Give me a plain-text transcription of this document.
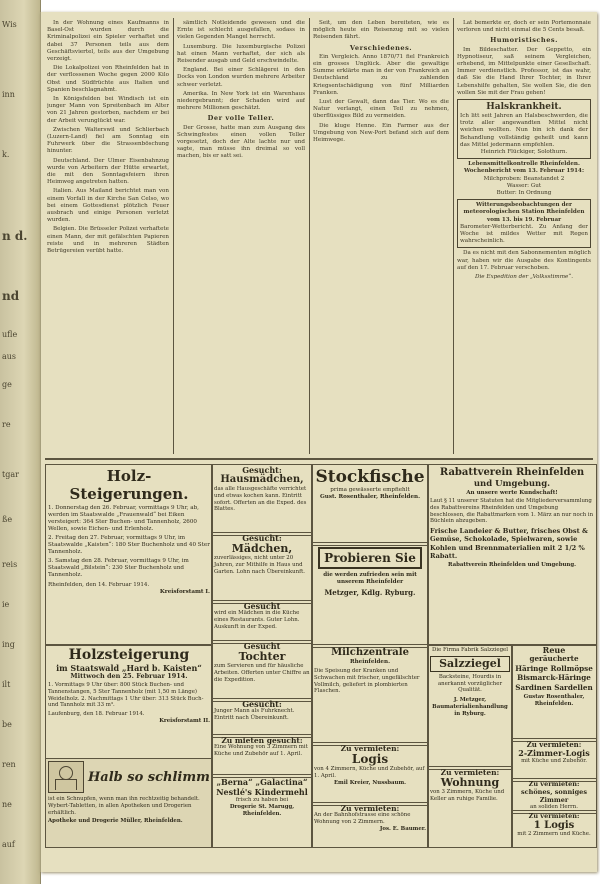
Wis
inn
k.
n d.
nd
ufle
aus
ge
re
tgar
ße
reis
ie
ing
ilt
be
ren
ne
auf

In der Wohnung eines Kaufmanns in Basel-Ost wurden durch die Kriminalpolizei ein Spieler verhaftet und dabei 37 Personen teils aus dem Geschäftsviertel, teils aus der Umgebung verzeigt.

Die Lokalpolizei von Rheinfelden hat in der verflossenen Woche gegen 2000 Kilo Obst und Südfrüchte aus Italien und Spanien beschlagnahmt.

In Königsfelden bei Windisch ist ein junger Mann von Spreitenbach im Alter von 21 Jahren gestorben, nachdem er bei der Arbeit verunglückt war.

Zwischen Walterswil und Schlierbach (Luzern-Land) fiel am Sonntag ein Fuhrwerk über die Strassenböschung hinunter.

Deutschland. Der Ulmer Eisenbahnzug wurde von Arbeitern der Hütte erwartet, die mit den Sonntagsfeiern ihren Heimweg angetreten hatten.

Italien. Aus Mailand berichtet man von einem Vorfall in der Kirche San Celso, wo bei einem Gottesdienst plötzlich Feuer ausbrach und einige Personen verletzt wurden.

Belgien. Die Brüsseler Polizei verhaftete einen Mann, der mit gefälschten Papieren reiste und in mehreren Städten Betrügereien verübt hatte.

sämtlich Notleidende gewesen und die Ernte ist schlecht ausgefallen, sodass in vielen Gegenden Mangel herrscht.

Luxemburg. Die luxemburgische Polizei hat einen Mann verhaftet, der sich als Reisender ausgab und Geld erschwindelte.

England. Bei einer Schlägerei in den Docks von London wurden mehrere Arbeiter schwer verletzt.

Amerika. In New York ist ein Warenhaus niedergebrannt; der Schaden wird auf mehrere Millionen geschätzt.

Der volle Teller.

Der Grosse, hatte man zum Ausgang des Schwingfestes einen vollen Teller vorgesetzt, doch der Alte lachte nur und sagte, man müsse ihn dreimal so voll machen, bis er satt sei.

Seit, um den Leben bereiteten, wie es möglich heute ein Reisenzug mit so vielen Reisenden fährt.

Verschiedenes.

Ein Vergleich. Anno 1870/71 fiel Frankreich ein grosses Unglück. Aber die gewaltige Summe erklärte man in der von Frankreich an Deutschland zu zahlenden Kriegsentschädigung von fünf Milliarden Franken.

Lust der Gewalt, dann das Tier. Wo es die Natur verlangt, einen Teil zu nehmen, überflüssiges Bild zu vermeiden.

Die kluge Henne. Ein Farmer aus der Umgebung von New-Port befand sich auf dem Heimwege.

Lat bemerkte er, doch er sein Portemonnaie verloren und nicht einmal die 5 Cents besaß.

Humoristisches.

Im Bildeschatter. Der Geppetto, ein Hypnotiseur, saß seinem Vergleichen, erhebend, im Mittelpunkte einer Gesellschaft. Immer verdienstlich. Professor, ist das wahr, daß Sie die Hand Ihrer Tochter, in Ihrer Lebenshilfe gehalten, Sie wollen Sie, die den wollen Sie mit der Frau gehen!

Halskrankheit.
Ich litt seit Jahren an Halsbeschwerden, die trotz aller angewandten Mittel nicht weichen wollten. Nun bin ich dank der Behandlung vollständig geheilt und kann das Mittel jedermann empfehlen.
Heinrich Flückiger, Solothurn.
Lebensmittelkontrolle Rheinfelden. Wochenbericht vom 13. Februar 1914:
Milchproben: Beanstandet 2
Wasser: Gut
Butter: In Ordnung
Witterungsbeobachtungen der meteorologischen Station Rheinfelden vom 13. bis 19. Februar
Barometer-Wetterbericht. Zu Anfang der Woche ist mildes Wetter mit Regen wahrscheinlich.

Da es nicht mit den Sabonnementen möglich war, haben wir die Ausgabe des Kontingents auf den 17. Februar verschoben.

Die Expedition der „Volksstimme“.
Holz-Steigerungen.
1. Donnerstag den 26. Februar, vormittags 9 Uhr, ab, werden im Staatswalde „Frauenwald“ bei Eiken versteigert: 364 Ster Buchen- und Tannenholz, 2600 Wellen, sowie Eichen- und Erlenholz.
2. Freitag den 27. Februar, vormittags 9 Uhr, im Staatswalde „Kaisten“: 180 Ster Buchenholz und 40 Ster Tannenholz.
3. Samstag den 28. Februar, vormittags 9 Uhr, im Staatswald „Bilstein“: 230 Ster Buchenholz und Tannenholz.
Rheinfelden, den 14. Februar 1914.
Kreisforstamt I.
Holzsteigerung
im Staatswald „Hard b. Kaisten“
Mittwoch den 25. Februar 1914.
1. Vormittags 9 Uhr über: 800 Stück Buchen- und Tannenstangen, 5 Ster Tannenholz (mit 1,50 m Länge) Weidelholz. 2. Nachmittags 1 Uhr über: 313 Stück Buch- und Tannholz mit 33 m³.
Laufenburg, den 18. Februar 1914.
Kreisforstamt II.
Halb so schlimm
ist ein Schnupfen, wenn man ihn rechtzeitig behandelt. Wybert-Tabletten, in allen Apotheken und Drogerien erhältlich.
Apotheke und Drogerie Müller, Rheinfelden.
Gesucht:
Hausmädchen,
das alle Hausgeschäfte verrichtet und etwas kochen kann. Eintritt sofort. Offerten an die Exped. des Blattes.
Gesucht:
Mädchen,
zuverlässiges, nicht unter 20 Jahren, zur Mithilfe in Haus und Garten. Lohn nach Übereinkunft.
Gesucht
wird ein Mädchen in die Küche eines Restaurants. Guter Lohn. Auskunft in der Exped.
Gesucht
Tochter
zum Servieren und für häusliche Arbeiten. Offerten unter Chiffre an die Expedition.
Gesucht:
Junger Mann als Fuhrknecht. Eintritt nach Übereinkunft.
Zu mieten gesucht:
Eine Wohnung von 3 Zimmern mit Küche und Zubehör auf 1. April.
„Berna“ „Galactina“
Nestlé's Kindermehl
frisch zu haben bei
Drogerie St. Marugg, Rheinfelden.
Stockfische
prima gewässerte empfiehlt
Gust. Rosenthaler, Rheinfelden.
Probieren Sie
die werden zufrieden sein mit unserem Rheinfelder
Metzger, Kdlg. Ryburg.
Milchzentrale
Rheinfelden.
Die Speisung der Kranken und Schwachen mit frischer, ungefälschter Vollmilch, geliefert in plombierten Flaschen.
Zu vermieten:
Logis
von 4 Zimmern, Küche und Zubehör, auf 1. April.
Emil Kreier, Nussbaum.
Zu vermieten:
An der Bahnhofstrasse eine schöne Wohnung von 2 Zimmern.
Jos. E. Baumer.
Die Firma Fabrik Salzziegel
Salzziegel
Backsteine, Hourdis in anerkannt vorzüglicher Qualität.
J. Metzger, Baumaterialienhandlung in Ryburg.
Zu vermieten:
Wohnung
von 3 Zimmern, Küche und Keller an ruhige Familie.
Rabattverein Rheinfelden
und Umgebung.
An unsere werte Kundschaft!
Laut § 11 unserer Statuten hat die Mitgliederversammlung des Rabattvereins Rheinfelden und Umgebung beschlossen, die Rabattmarken vom 1. März an nur noch in Büchlein abzugeben.
Frische Landeier & Butter, frisches Obst & Gemüse, Schokolade, Spielwaren, sowie Kohlen und Brennmaterialien mit 2 1/2 % Rabatt.
Rabattverein Rheinfelden und Umgebung.
Reue
geräucherte Häringe Rollmöpse Bismarck-Häringe Sardinen Sardellen
Gustav Rosenthaler, Rheinfelden.
Zu vermieten:
2-Zimmer-Logis
mit Küche und Zubehör.
Zu vermieten:
schönes, sonniges Zimmer
an soliden Herrn.
Zu vermieten:
1 Logis
mit 2 Zimmern und Küche.
